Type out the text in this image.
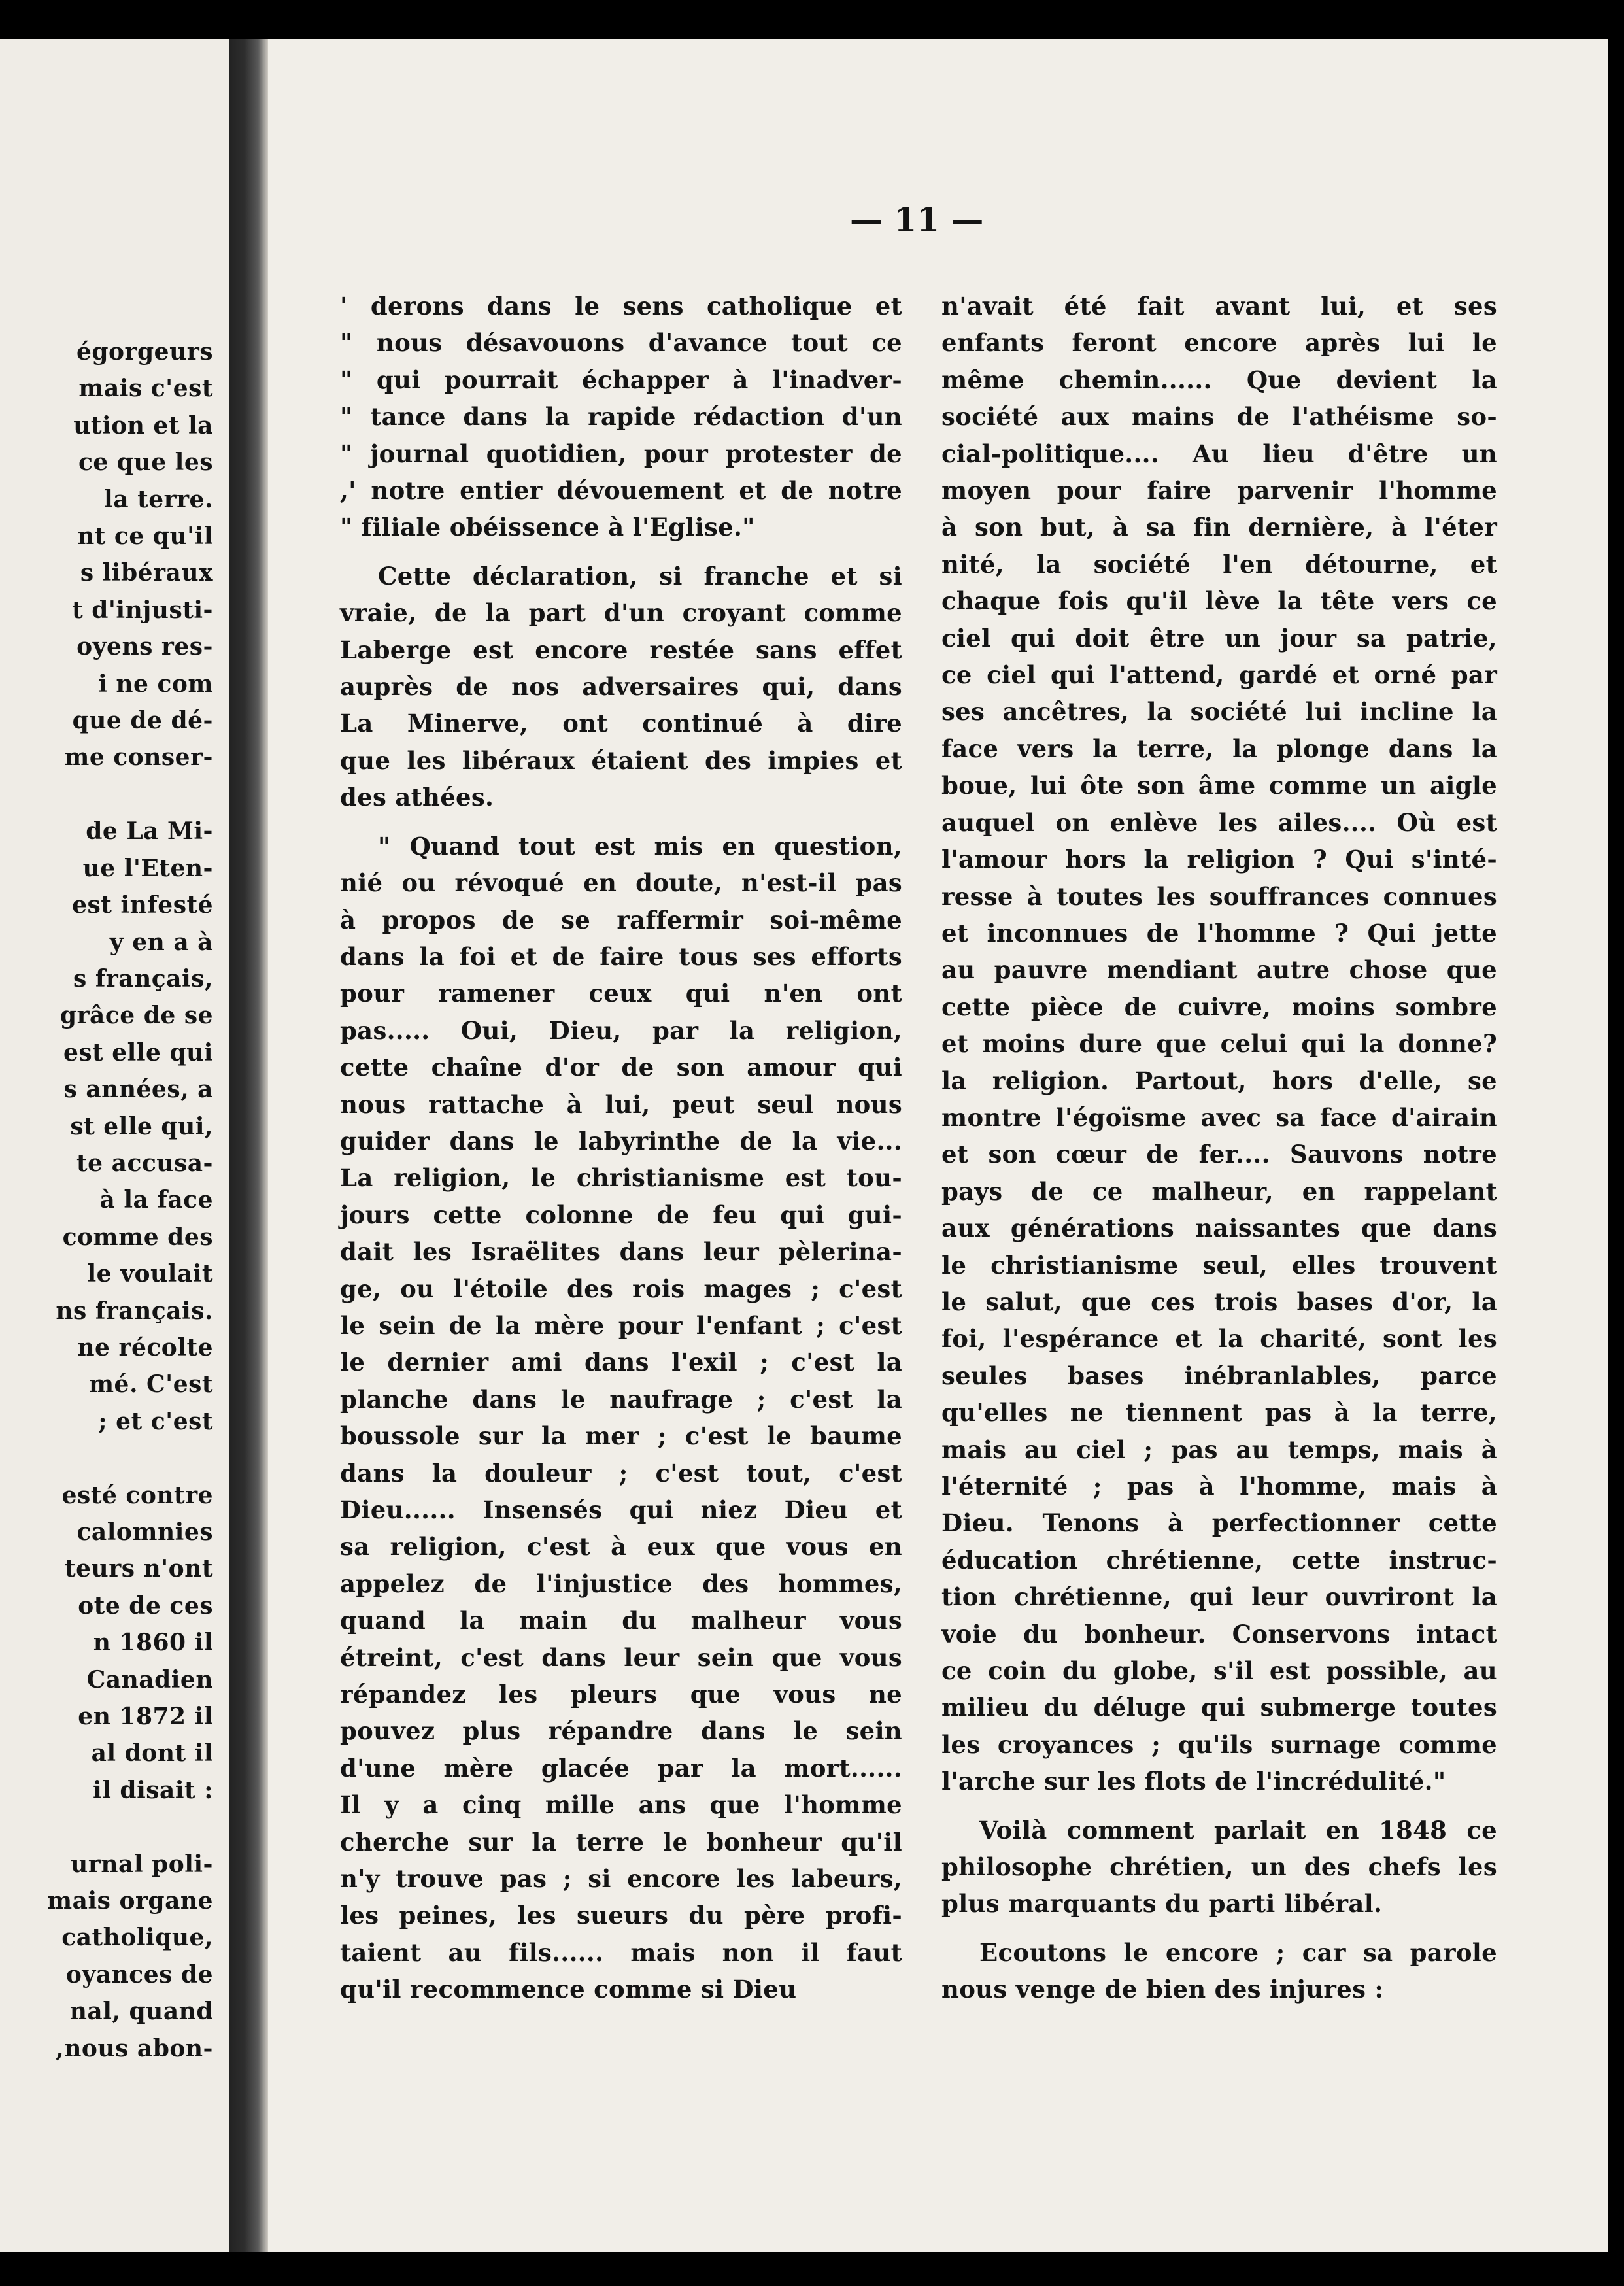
égorgeurs
mais c'est
ution et la
ce que les
la terre.
nt ce qu'il
s libéraux
t d'injusti-
oyens res-
i ne com
que de dé-
me conser-

de La Mi-
ue l'Eten-
est infesté
y en a à
s français,
grâce de se
est elle qui
s années, a
st elle qui,
te accusa-
à la face
comme des
le voulait
ns français.
ne récolte
mé. C'est
; et c'est

esté contre
calomnies
teurs n'ont
ote de ces
n 1860 il
Canadien
en 1872 il
al dont il
il disait :

urnal poli-
mais organe
catholique,
oyances de
nal, quand
,nous abon-
— 11 —
' derons dans le sens catholique et
" nous désavouons d'avance tout ce
" qui pourrait échapper à l'inadver-
" tance dans la rapide rédaction d'un
" journal quotidien, pour protester de
,' notre entier dévouement et de notre
" filiale obéissence à l'Eglise."
Cette déclaration, si franche et si
vraie, de la part d'un croyant comme
Laberge est encore restée sans effet
auprès de nos adversaires qui, dans
La Minerve, ont continué à dire
que les libéraux étaient des impies et
des athées.
" Quand tout est mis en question,
nié ou révoqué en doute, n'est-il pas
à propos de se raffermir soi-même
dans la foi et de faire tous ses efforts
pour ramener ceux qui n'en ont
pas..... Oui, Dieu, par la religion,
cette chaîne d'or de son amour qui
nous rattache à lui, peut seul nous
guider dans le labyrinthe de la vie...
La religion, le christianisme est tou-
jours cette colonne de feu qui gui-
dait les Israëlites dans leur pèlerina-
ge, ou l'étoile des rois mages ; c'est
le sein de la mère pour l'enfant ; c'est
le dernier ami dans l'exil ; c'est la
planche dans le naufrage ; c'est la
boussole sur la mer ; c'est le baume
dans la douleur ; c'est tout, c'est
Dieu...... Insensés qui niez Dieu et
sa religion, c'est à eux que vous en
appelez de l'injustice des hommes,
quand la main du malheur vous
étreint, c'est dans leur sein que vous
répandez les pleurs que vous ne
pouvez plus répandre dans le sein
d'une mère glacée par la mort......
Il y a cinq mille ans que l'homme
cherche sur la terre le bonheur qu'il
n'y trouve pas ; si encore les labeurs,
les peines, les sueurs du père profi-
taient au fils...... mais non il faut
qu'il recommence comme si Dieu
n'avait été fait avant lui, et ses
enfants feront encore après lui le
même chemin...... Que devient la
société aux mains de l'athéisme so-
cial-politique.... Au lieu d'être un
moyen pour faire parvenir l'homme
à son but, à sa fin dernière, à l'éter
nité, la société l'en détourne, et
chaque fois qu'il lève la tête vers ce
ciel qui doit être un jour sa patrie,
ce ciel qui l'attend, gardé et orné par
ses ancêtres, la société lui incline la
face vers la terre, la plonge dans la
boue, lui ôte son âme comme un aigle
auquel on enlève les ailes.... Où est
l'amour hors la religion ? Qui s'inté-
resse à toutes les souffrances connues
et inconnues de l'homme ? Qui jette
au pauvre mendiant autre chose que
cette pièce de cuivre, moins sombre
et moins dure que celui qui la donne?
la religion. Partout, hors d'elle, se
montre l'égoïsme avec sa face d'airain
et son cœur de fer.... Sauvons notre
pays de ce malheur, en rappelant
aux générations naissantes que dans
le christianisme seul, elles trouvent
le salut, que ces trois bases d'or, la
foi, l'espérance et la charité, sont les
seules bases inébranlables, parce
qu'elles ne tiennent pas à la terre,
mais au ciel ; pas au temps, mais à
l'éternité ; pas à l'homme, mais à
Dieu. Tenons à perfectionner cette
éducation chrétienne, cette instruc-
tion chrétienne, qui leur ouvriront la
voie du bonheur. Conservons intact
ce coin du globe, s'il est possible, au
milieu du déluge qui submerge toutes
les croyances ; qu'ils surnage comme
l'arche sur les flots de l'incrédulité."
Voilà comment parlait en 1848 ce
philosophe chrétien, un des chefs les
plus marquants du parti libéral.
Ecoutons le encore ; car sa parole
nous venge de bien des injures :
